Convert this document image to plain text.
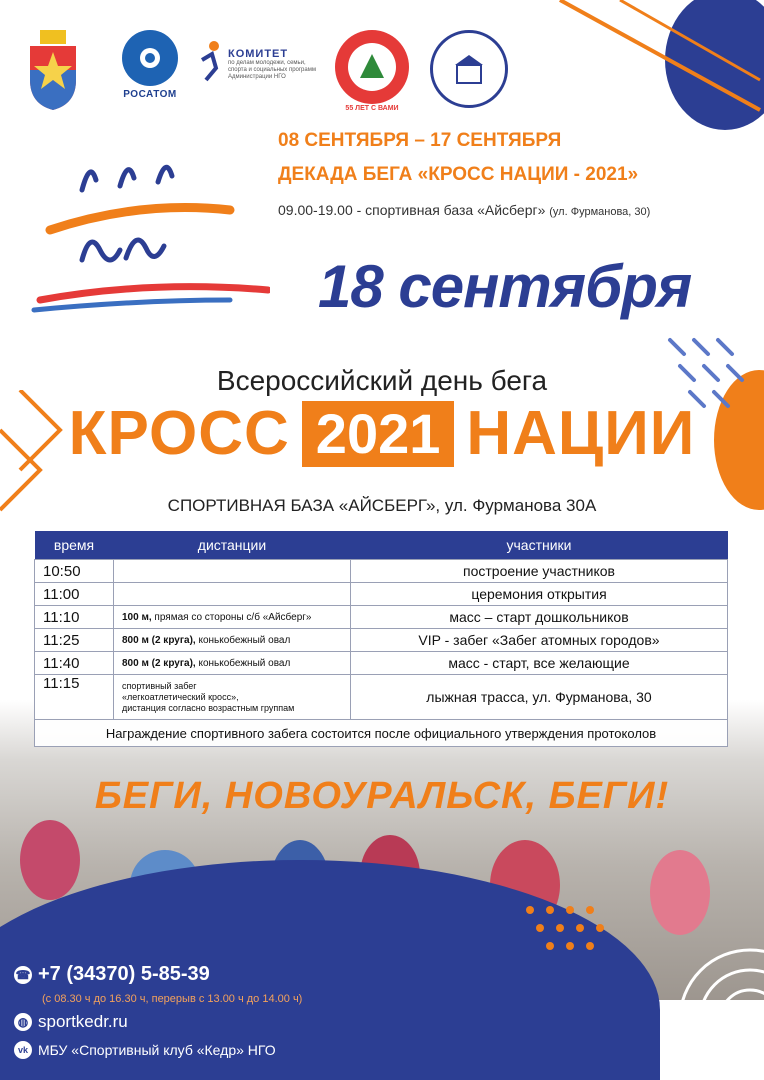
РОСАТОМ
КОМИТЕТ
по делам молодежи, семьи, спорта и социальных программ Администрации НГО
55 ЛЕТ С ВАМИ
08 СЕНТЯБРЯ – 17 СЕНТЯБРЯ
ДЕКАДА БЕГА «КРОСС НАЦИИ - 2021»
09.00-19.00 - спортивная база «Айсберг» (ул. Фурманова, 30)
18 сентября
Всероссийский день бега
КРОСС 2021 НАЦИИ
СПОРТИВНАЯ БАЗА «АЙСБЕРГ», ул. Фурманова 30А
время	дистанции	участники
10:50		построение участников
11:00		церемония открытия
11:10	100 м, прямая со стороны с/б «Айсберг»	масс – старт дошкольников
11:25	800 м (2 круга), конькобежный овал	VIP - забег «Забег атомных городов»
11:40	800 м (2 круга), конькобежный овал	масс - старт, все желающие
11:15	спортивный забег
«легкоатлетический кросс»,
дистанция согласно возрастным группам	лыжная трасса, ул. Фурманова, 30
Награждение спортивного забега состоится после официального утверждения протоколов		
БЕГИ, НОВОУРАЛЬСК, БЕГИ!
☎ +7 (34370) 5-85-39
(с 08.30 ч до 16.30 ч, перерыв с 13.00 ч до 14.00 ч)
◍ sportkedr.ru
vk МБУ «Спортивный клуб «Кедр» НГО
